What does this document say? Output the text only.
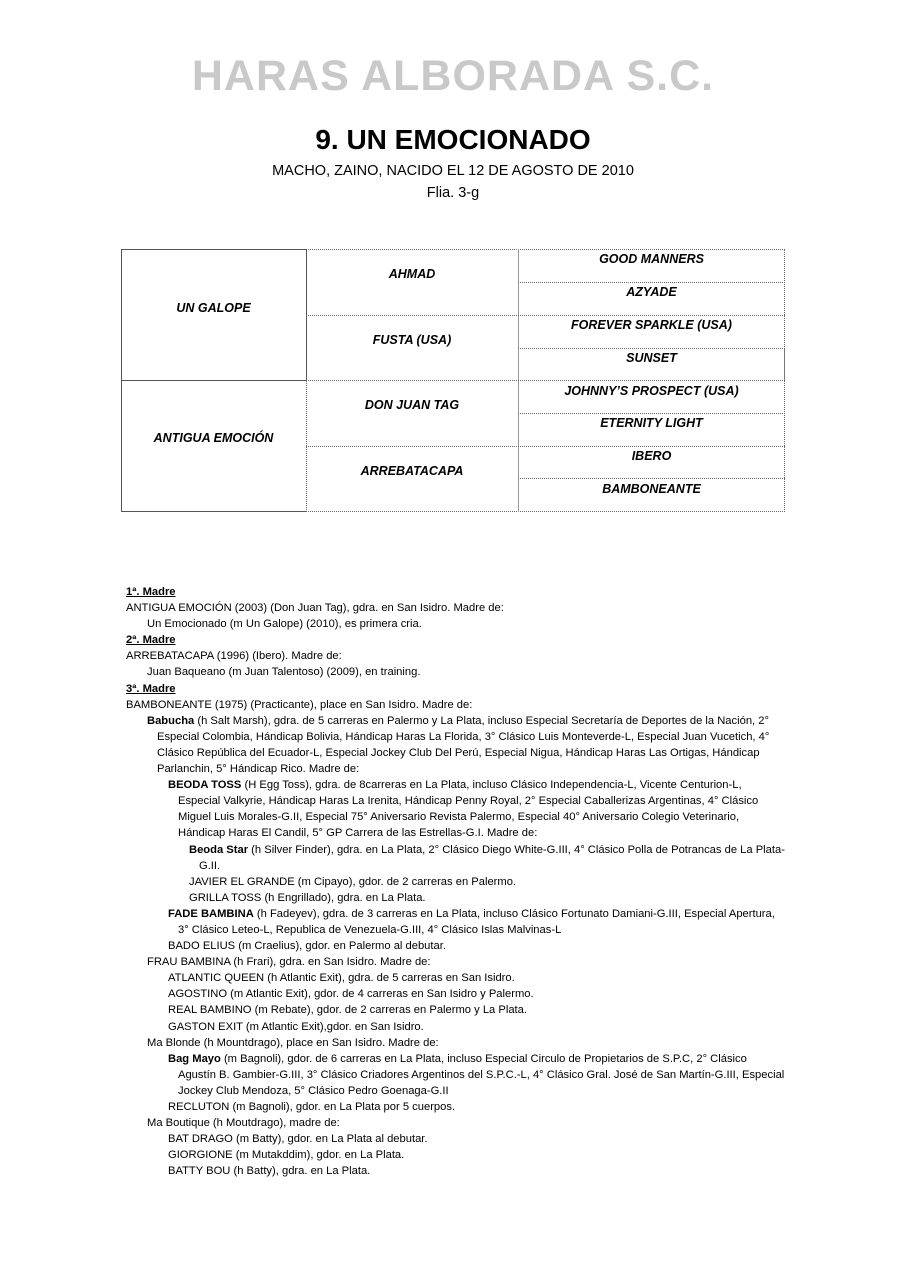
HARAS ALBORADA S.C.
9. UN EMOCIONADO
MACHO, ZAINO, NACIDO EL 12 DE AGOSTO DE 2010
Flia. 3-g
UN GALOPE
ANTIGUA EMOCIÓN
AHMAD
FUSTA (USA)
DON JUAN TAG
ARREBATACAPA
GOOD MANNERS
AZYADE
FOREVER SPARKLE (USA)
SUNSET
JOHNNY’S PROSPECT (USA)
ETERNITY LIGHT
IBERO
BAMBONEANTE

1ª. Madre

ANTIGUA EMOCIÓN (2003) (Don Juan Tag), gdra. en San Isidro. Madre de:

Un Emocionado (m Un Galope) (2010), es primera cria.

2ª. Madre

ARREBATACAPA (1996) (Ibero). Madre de:

Juan Baqueano (m Juan Talentoso) (2009), en training.

3ª. Madre

BAMBONEANTE (1975) (Practicante), place en San Isidro. Madre de:

Babucha (h Salt Marsh), gdra. de 5 carreras en Palermo y La Plata, incluso Especial Secretaría de Deportes de la Nación, 2° Especial Colombia, Hándicap Bolivia, Hándicap Haras La Florida, 3° Clásico Luis Monteverde-L, Especial Juan Vucetich, 4° Clásico República del Ecuador-L, Especial Jockey Club Del Perú, Especial Nigua, Hándicap Haras Las Ortigas, Hándicap Parlanchin, 5° Hándicap Rico. Madre de:

BEODA TOSS (H Egg Toss), gdra. de 8carreras en La Plata, incluso Clásico Independencia-L, Vicente Centurion-L, Especial Valkyrie, Hándicap Haras La Irenita, Hándicap Penny Royal, 2° Especial Caballerizas Argentinas, 4° Clásico Miguel Luis Morales-G.II, Especial 75° Aniversario Revista Palermo, Especial 40° Aniversario Colegio Veterinario, Hándicap Haras El Candil, 5° GP Carrera de las Estrellas-G.I. Madre de:

Beoda Star (h Silver Finder), gdra. en La Plata, 2° Clásico Diego White-G.III, 4° Clásico Polla de Potrancas de La Plata-G.II.

JAVIER EL GRANDE (m Cipayo), gdor. de 2 carreras en Palermo.

GRILLA TOSS (h Engrillado), gdra. en La Plata.

FADE BAMBINA (h Fadeyev), gdra. de 3 carreras en La Plata, incluso Clásico Fortunato Damiani-G.III, Especial Apertura, 3° Clásico Leteo-L, Republica de Venezuela-G.III, 4° Clásico Islas Malvinas-L

BADO ELIUS (m Craelius), gdor. en Palermo al debutar.

FRAU BAMBINA (h Frari), gdra. en San Isidro. Madre de:

ATLANTIC QUEEN (h Atlantic Exit), gdra. de 5 carreras en San Isidro.

AGOSTINO (m Atlantic Exit), gdor. de 4 carreras en San Isidro y Palermo.

REAL BAMBINO (m Rebate), gdor. de 2 carreras en Palermo y La Plata.

GASTON EXIT (m Atlantic Exit),gdor. en San Isidro.

Ma Blonde (h Mountdrago), place en San Isidro. Madre de:

Bag Mayo (m Bagnoli), gdor. de 6 carreras en La Plata, incluso Especial Circulo de Propietarios de S.P.C, 2° Clásico Agustín B. Gambier-G.III, 3° Clásico Criadores Argentinos del S.P.C.-L, 4° Clásico Gral. José de San Martín-G.III, Especial Jockey Club Mendoza, 5° Clásico Pedro Goenaga-G.II

RECLUTON (m Bagnoli), gdor. en La Plata por 5 cuerpos.

Ma Boutique (h Moutdrago), madre de:

BAT DRAGO (m Batty), gdor. en La Plata al debutar.

GIORGIONE (m Mutakddim), gdor. en La Plata.

BATTY BOU (h Batty), gdra. en La Plata.
